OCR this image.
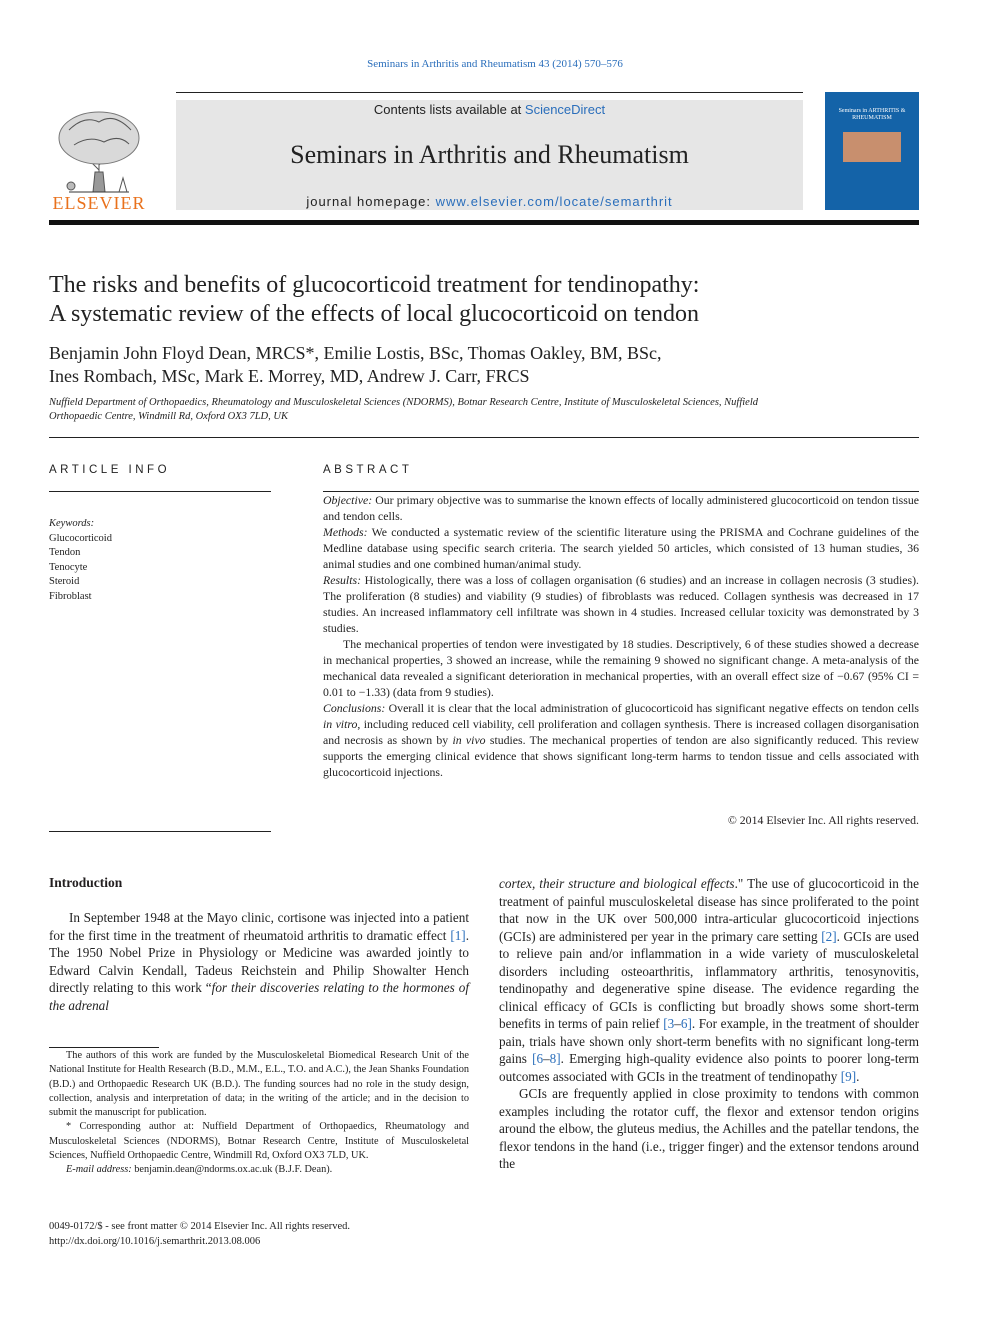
Seminars in Arthritis and Rheumatism 43 (2014) 570–576
Contents lists available at ScienceDirect
Seminars in Arthritis and Rheumatism
journal homepage: www.elsevier.com/locate/semarthrit
ELSEVIER
Seminars in ARTHRITIS & RHEUMATISM
The risks and benefits of glucocorticoid treatment for tendinopathy:
A systematic review of the effects of local glucocorticoid on tendon
Benjamin John Floyd Dean, MRCS*, Emilie Lostis, BSc, Thomas Oakley, BM, BSc,
Ines Rombach, MSc, Mark E. Morrey, MD, Andrew J. Carr, FRCS
Nuffield Department of Orthopaedics, Rheumatology and Musculoskeletal Sciences (NDORMS), Botnar Research Centre, Institute of Musculoskeletal Sciences, Nuffield Orthopaedic Centre, Windmill Rd, Oxford OX3 7LD, UK
ARTICLE INFO
Keywords:
Glucocorticoid
Tendon
Tenocyte
Steroid
Fibroblast
ABSTRACT

Objective: Our primary objective was to summarise the known effects of locally administered glucocorticoid on tendon tissue and tendon cells.

Methods: We conducted a systematic review of the scientific literature using the PRISMA and Cochrane guidelines of the Medline database using specific search criteria. The search yielded 50 articles, which consisted of 13 human studies, 36 animal studies and one combined human/animal study.

Results: Histologically, there was a loss of collagen organisation (6 studies) and an increase in collagen necrosis (3 studies). The proliferation (8 studies) and viability (9 studies) of fibroblasts was reduced. Collagen synthesis was decreased in 17 studies. An increased inflammatory cell infiltrate was shown in 4 studies. Increased cellular toxicity was demonstrated by 3 studies.

The mechanical properties of tendon were investigated by 18 studies. Descriptively, 6 of these studies showed a decrease in mechanical properties, 3 showed an increase, while the remaining 9 showed no significant change. A meta-analysis of the mechanical data revealed a significant deterioration in mechanical properties, with an overall effect size of −0.67 (95% CI = 0.01 to −1.33) (data from 9 studies).

Conclusions: Overall it is clear that the local administration of glucocorticoid has significant negative effects on tendon cells in vitro, including reduced cell viability, cell proliferation and collagen synthesis. There is increased collagen disorganisation and necrosis as shown by in vivo studies. The mechanical properties of tendon are also significantly reduced. This review supports the emerging clinical evidence that shows significant long-term harms to tendon tissue and cells associated with glucocorticoid injections.

© 2014 Elsevier Inc. All rights reserved.
Introduction

In September 1948 at the Mayo clinic, cortisone was injected into a patient for the first time in the treatment of rheumatoid arthritis to dramatic effect [1]. The 1950 Nobel Prize in Physiology or Medicine was awarded jointly to Edward Calvin Kendall, Tadeus Reichstein and Philip Showalter Hench directly relating to this work “for their discoveries relating to the hormones of the adrenal

The authors of this work are funded by the Musculoskeletal Biomedical Research Unit of the National Institute for Health Research (B.D., M.M., E.L., T.O. and A.C.), the Jean Shanks Foundation (B.D.) and Orthopaedic Research UK (B.D.). The funding sources had no role in the study design, collection, analysis and interpretation of data; in the writing of the article; and in the decision to submit the manuscript for publication.

* Corresponding author at: Nuffield Department of Orthopaedics, Rheumatology and Musculoskeletal Sciences (NDORMS), Botnar Research Centre, Institute of Musculoskeletal Sciences, Nuffield Orthopaedic Centre, Windmill Rd, Oxford OX3 7LD, UK.

E-mail address: benjamin.dean@ndorms.ox.ac.uk (B.J.F. Dean).

0049-0172/$ - see front matter © 2014 Elsevier Inc. All rights reserved.
http://dx.doi.org/10.1016/j.semarthrit.2013.08.006

cortex, their structure and biological effects." The use of glucocorticoid in the treatment of painful musculoskeletal disease has since proliferated to the point that now in the UK over 500,000 intra-articular glucocorticoid injections (GCIs) are administered per year in the primary care setting [2]. GCIs are used to relieve pain and/or inflammation in a wide variety of musculoskeletal disorders including osteoarthritis, inflammatory arthritis, tenosynovitis, tendinopathy and degenerative spine disease. The evidence regarding the clinical efficacy of GCIs is conflicting but broadly shows some short-term benefits in terms of pain relief [3–6]. For example, in the treatment of shoulder pain, trials have shown only short-term benefits with no significant long-term gains [6–8]. Emerging high-quality evidence also points to poorer long-term outcomes associated with GCIs in the treatment of tendinopathy [9].

GCIs are frequently applied in close proximity to tendons with common examples including the rotator cuff, the flexor and extensor tendon origins around the elbow, the gluteus medius, the Achilles and the patellar tendons, the flexor tendons in the hand (i.e., trigger finger) and the extensor tendons around the
